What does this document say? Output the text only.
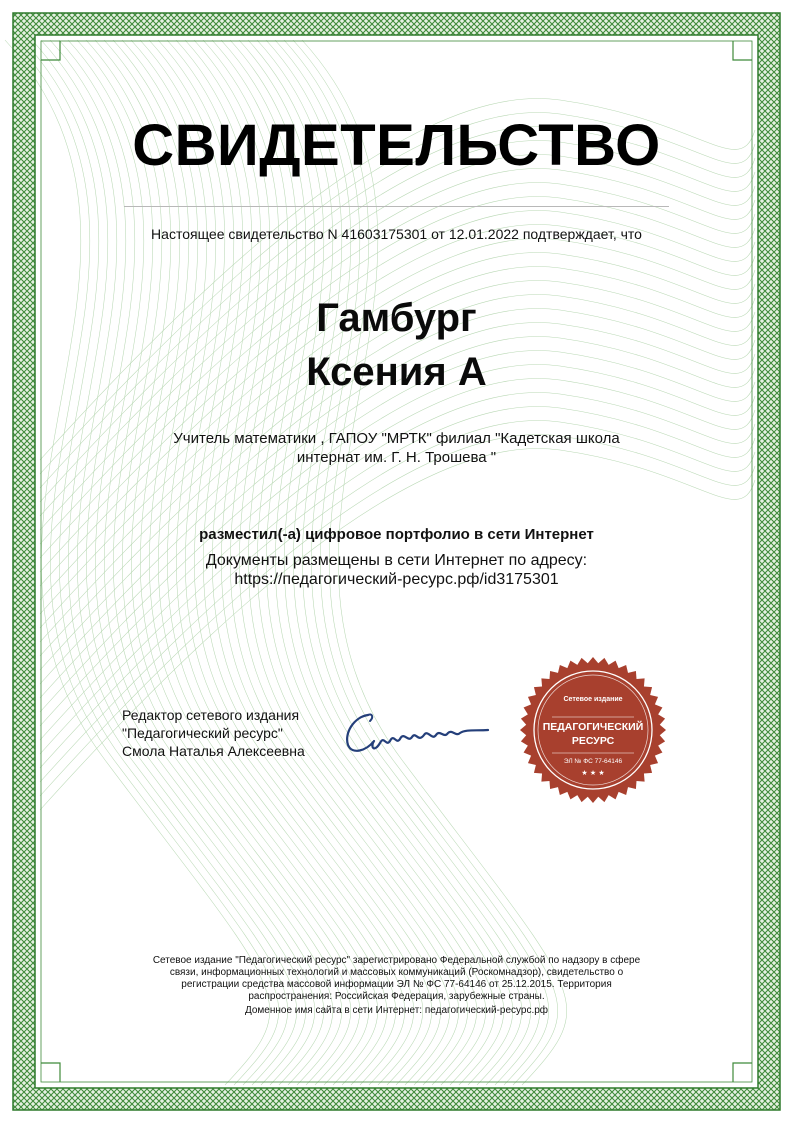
СВИДЕТЕЛЬСТВО
Настоящее свидетельство N 41603175301 от 12.01.2022 подтверждает, что
Гамбург
Ксения А
Учитель математики , ГАПОУ "МРТК" филиал "Кадетская школа
интернат им. Г. Н. Трошева "
разместил(-а) цифровое портфолио в сети Интернет
Документы размещены в сети Интернет по адресу:
https://педагогический-ресурс.рф/id3175301
Редактор сетевого издания
"Педагогический ресурс"
Смола Наталья Алексеевна
Сетевое издание
ПЕДАГОГИЧЕСКИЙ
РЕСУРС
ЭЛ № ФС 77-64146
★ ★ ★
Сетевое издание "Педагогический ресурс" зарегистрировано Федеральной службой по надзору в сфере
связи, информационных технологий и массовых коммуникаций (Роскомнадзор), свидетельство о
регистрации средства массовой информации ЭЛ № ФС 77-64146 от 25.12.2015. Территория
распространения: Российская Федерация, зарубежные страны.
Доменное имя сайта в сети Интернет: педагогический-ресурс.рф
